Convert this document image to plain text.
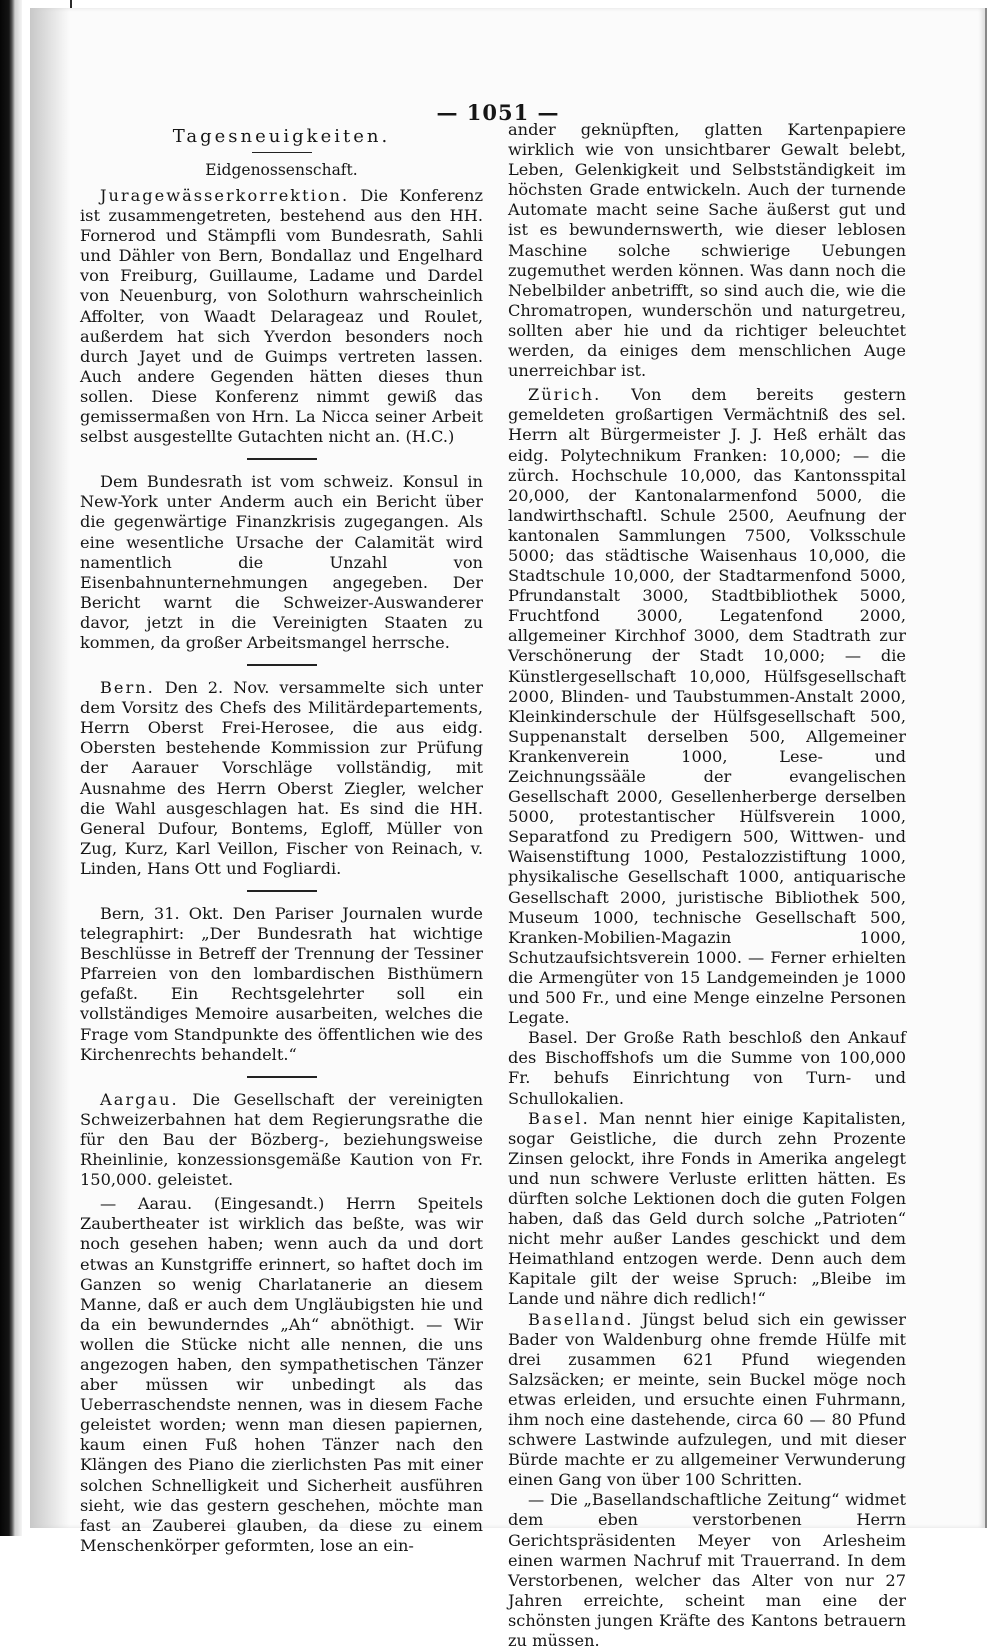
— 1051 —
Tagesneuigkeiten.
Eidgenossenschaft.

Juragewässerkorrektion. Die Konferenz ist zusammengetreten, bestehend aus den HH. Fornerod und Stämpfli vom Bundesrath, Sahli und Dähler von Bern, Bondallaz und Engelhard von Freiburg, Guillaume, Ladame und Dardel von Neuenburg, von Solothurn wahrscheinlich Affolter, von Waadt Delarageaz und Roulet, außerdem hat sich Yverdon besonders noch durch Jayet und de Guimps vertreten lassen. Auch andere Gegenden hätten dieses thun sollen. Diese Konferenz nimmt gewiß das gemissermaßen von Hrn. La Nicca seiner Arbeit selbst ausgestellte Gutachten nicht an. (H.C.)

Dem Bundesrath ist vom schweiz. Konsul in New-York unter Anderm auch ein Bericht über die gegenwärtige Finanzkrisis zugegangen. Als eine wesentliche Ursache der Calamität wird namentlich die Unzahl von Eisenbahnunternehmungen angegeben. Der Bericht warnt die Schweizer-Auswanderer davor, jetzt in die Vereinigten Staaten zu kommen, da großer Arbeitsmangel herrsche.

Bern. Den 2. Nov. versammelte sich unter dem Vorsitz des Chefs des Militärdepartements, Herrn Oberst Frei-Herosee, die aus eidg. Obersten bestehende Kommission zur Prüfung der Aarauer Vorschläge vollständig, mit Ausnahme des Herrn Oberst Ziegler, welcher die Wahl ausgeschlagen hat. Es sind die HH. General Dufour, Bontems, Egloff, Müller von Zug, Kurz, Karl Veillon, Fischer von Reinach, v. Linden, Hans Ott und Fogliardi.

Bern, 31. Okt. Den Pariser Journalen wurde telegraphirt: „Der Bundesrath hat wichtige Beschlüsse in Betreff der Trennung der Tessiner Pfarreien von den lombardischen Bisthümern gefaßt. Ein Rechtsgelehrter soll ein vollständiges Memoire ausarbeiten, welches die Frage vom Standpunkte des öffentlichen wie des Kirchenrechts behandelt.“

Aargau. Die Gesellschaft der vereinigten Schweizerbahnen hat dem Regierungsrathe die für den Bau der Bözberg-, beziehungsweise Rheinlinie, konzessionsgemäße Kaution von Fr. 150,000. geleistet.

— Aarau. (Eingesandt.) Herrn Speitels Zaubertheater ist wirklich das beßte, was wir noch gesehen haben; wenn auch da und dort etwas an Kunstgriffe erinnert, so haftet doch im Ganzen so wenig Charlatanerie an diesem Manne, daß er auch dem Ungläubigsten hie und da ein bewunderndes „Ah“ abnöthigt. — Wir wollen die Stücke nicht alle nennen, die uns angezogen haben, den sympathetischen Tänzer aber müssen wir unbedingt als das Ueberraschendste nennen, was in diesem Fache geleistet worden; wenn man diesen papiernen, kaum einen Fuß hohen Tänzer nach den Klängen des Piano die zierlichsten Pas mit einer solchen Schnelligkeit und Sicherheit ausführen sieht, wie das gestern geschehen, möchte man fast an Zauberei glauben, da diese zu einem Menschenkörper geformten, lose an ein-

ander geknüpften, glatten Kartenpapiere wirklich wie von unsichtbarer Gewalt belebt, Leben, Gelenkigkeit und Selbstständigkeit im höchsten Grade entwickeln. Auch der turnende Automate macht seine Sache äußerst gut und ist es bewundernswerth, wie dieser leblosen Maschine solche schwierige Uebungen zugemuthet werden können. Was dann noch die Nebelbilder anbetrifft, so sind auch die, wie die Chromatropen, wunderschön und naturgetreu, sollten aber hie und da richtiger beleuchtet werden, da einiges dem menschlichen Auge unerreichbar ist.

Zürich. Von dem bereits gestern gemeldeten großartigen Vermächtniß des sel. Herrn alt Bürgermeister J. J. Heß erhält das eidg. Polytechnikum Franken: 10,000; — die zürch. Hochschule 10,000, das Kantonsspital 20,000, der Kantonalarmenfond 5000, die landwirthschaftl. Schule 2500, Aeufnung der kantonalen Sammlungen 7500, Volksschule 5000; das städtische Waisenhaus 10,000, die Stadtschule 10,000, der Stadtarmenfond 5000, Pfrundanstalt 3000, Stadtbibliothek 5000, Fruchtfond 3000, Legatenfond 2000, allgemeiner Kirchhof 3000, dem Stadtrath zur Verschönerung der Stadt 10,000; — die Künstlergesellschaft 10,000, Hülfsgesellschaft 2000, Blinden- und Taubstummen-Anstalt 2000, Kleinkinderschule der Hülfsgesellschaft 500, Suppenanstalt derselben 500, Allgemeiner Krankenverein 1000, Lese- und Zeichnungssääle der evangelischen Gesellschaft 2000, Gesellenherberge derselben 5000, protestantischer Hülfsverein 1000, Separatfond zu Predigern 500, Wittwen- und Waisenstiftung 1000, Pestalozzistiftung 1000, physikalische Gesellschaft 1000, antiquarische Gesellschaft 2000, juristische Bibliothek 500, Museum 1000, technische Gesellschaft 500, Kranken-Mobilien-Magazin 1000, Schutzaufsichtsverein 1000. — Ferner erhielten die Armengüter von 15 Landgemeinden je 1000 und 500 Fr., und eine Menge einzelne Personen Legate.

Basel. Der Große Rath beschloß den Ankauf des Bischoffshofs um die Summe von 100,000 Fr. behufs Einrichtung von Turn- und Schullokalien.

Basel. Man nennt hier einige Kapitalisten, sogar Geistliche, die durch zehn Prozente Zinsen gelockt, ihre Fonds in Amerika angelegt und nun schwere Verluste erlitten hätten. Es dürften solche Lektionen doch die guten Folgen haben, daß das Geld durch solche „Patrioten“ nicht mehr außer Landes geschickt und dem Heimathland entzogen werde. Denn auch dem Kapitale gilt der weise Spruch: „Bleibe im Lande und nähre dich redlich!“

Baselland. Jüngst belud sich ein gewisser Bader von Waldenburg ohne fremde Hülfe mit drei zusammen 621 Pfund wiegenden Salzsäcken; er meinte, sein Buckel möge noch etwas erleiden, und ersuchte einen Fuhrmann, ihm noch eine dastehende, circa 60 — 80 Pfund schwere Lastwinde aufzulegen, und mit dieser Bürde machte er zu allgemeiner Verwunderung einen Gang von über 100 Schritten.

— Die „Basellandschaftliche Zeitung“ widmet dem eben verstorbenen Herrn Gerichtspräsidenten Meyer von Arlesheim einen warmen Nachruf mit Trauerrand. In dem Verstorbenen, welcher das Alter von nur 27 Jahren erreichte, scheint man eine der schönsten jungen Kräfte des Kantons betrauern zu müssen.
